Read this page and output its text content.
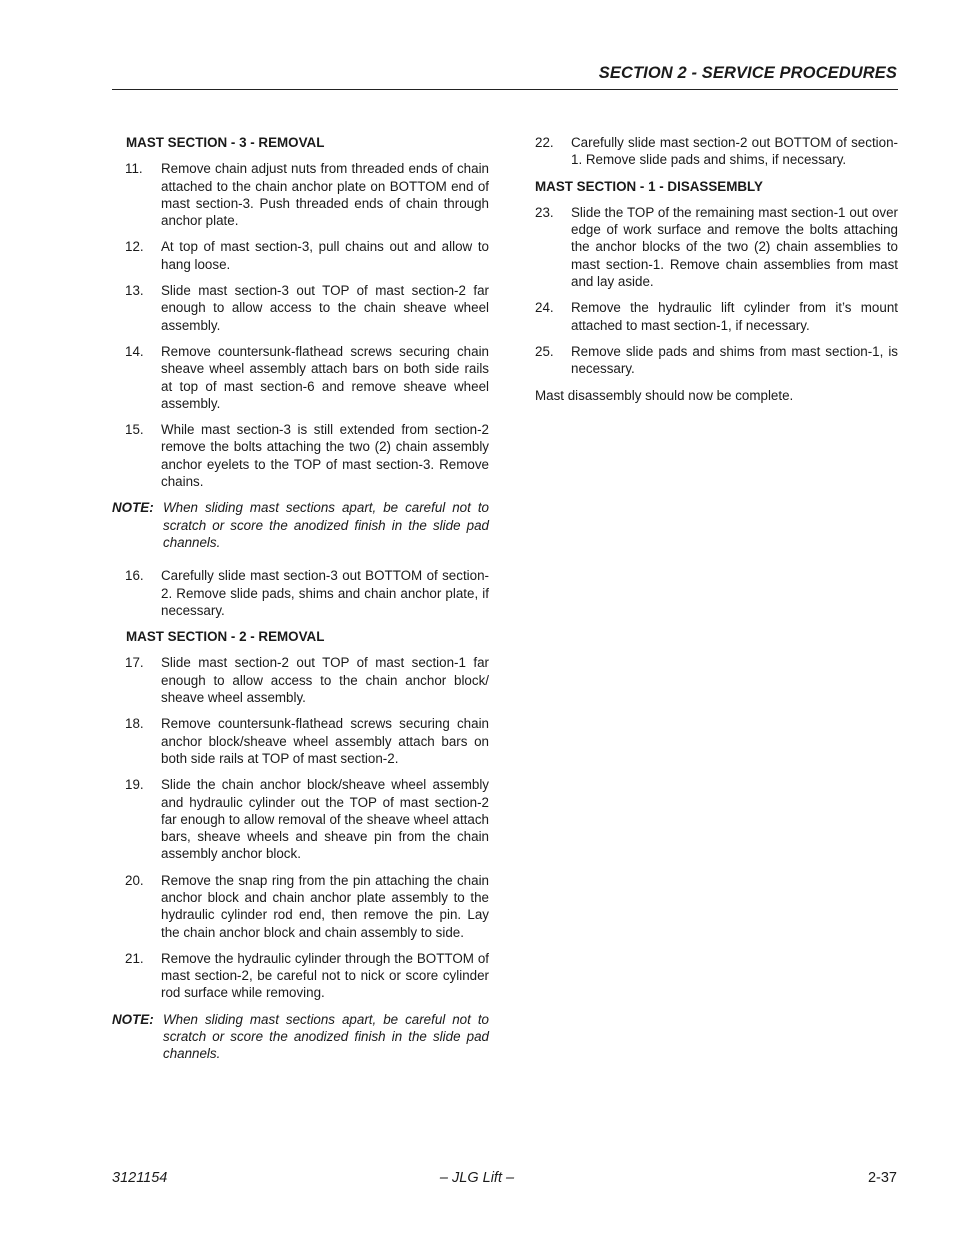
SECTION 2 - SERVICE PROCEDURES
MAST SECTION - 3 - REMOVAL
11.	Remove chain adjust nuts from threaded ends of chain attached to the chain anchor plate on BOTTOM end of mast section-3. Push threaded ends of chain through anchor plate.
12.	At top of mast section-3, pull chains out and allow to hang loose.
13.	Slide mast section-3 out TOP of mast section-2 far enough to allow access to the chain sheave wheel assembly.
14.	Remove countersunk-flathead screws securing chain sheave wheel assembly attach bars on both side rails at top of mast section-6 and remove sheave wheel assembly.
15.	While mast section-3 is still extended from section-2 remove the bolts attaching the two (2) chain assembly anchor eyelets to the TOP of mast section-3. Remove chains.
NOTE: When sliding mast sections apart, be careful not to scratch or score the anodized finish in the slide pad channels.
16.	Carefully slide mast section-3 out BOTTOM of section-2. Remove slide pads, shims and chain anchor plate, if necessary.
MAST SECTION - 2 - REMOVAL
17.	Slide mast section-2 out TOP of mast section-1 far enough to allow access to the chain anchor block/ sheave wheel assembly.
18.	Remove countersunk-flathead screws securing chain anchor block/sheave wheel assembly attach bars on both side rails at TOP of mast section-2.
19.	Slide the chain anchor block/sheave wheel assembly and hydraulic cylinder out the TOP of mast section-2 far enough to allow removal of the sheave wheel attach bars, sheave wheels and sheave pin from the chain assembly anchor block.
20.	Remove the snap ring from the pin attaching the chain anchor block and chain anchor plate assembly to the hydraulic cylinder rod end, then remove the pin. Lay the chain anchor block and chain assembly to side.
21.	Remove the hydraulic cylinder through the BOTTOM of mast section-2, be careful not to nick or score cylinder rod surface while removing.
NOTE: When sliding mast sections apart, be careful not to scratch or score the anodized finish in the slide pad channels.
22.	Carefully slide mast section-2 out BOTTOM of section-1. Remove slide pads and shims, if necessary.
MAST SECTION - 1 - DISASSEMBLY
23.	Slide the TOP of the remaining mast section-1 out over edge of work surface and remove the bolts attaching the anchor blocks of the two (2) chain assemblies to mast section-1. Remove chain assemblies from mast and lay aside.
24.	Remove the hydraulic lift cylinder from it’s mount attached to mast section-1, if necessary.
25.	Remove slide pads and shims from mast section-1, is necessary.

Mast disassembly should now be complete.

3121154	– JLG Lift –	2-37
